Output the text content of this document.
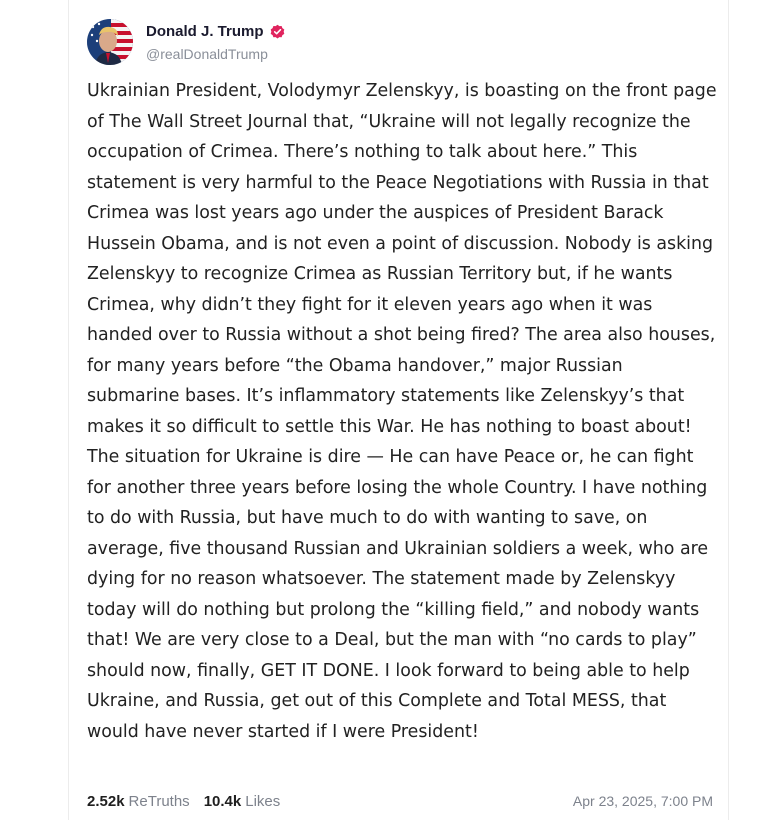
Donald J. Trump
@realDonaldTrump

Ukrainian President, Volodymyr Zelenskyy, is boasting on the front page of The Wall Street Journal that, “Ukraine will not legally recognize the occupation of Crimea. There’s nothing to talk about here.” This statement is very harmful to the Peace Negotiations with Russia in that Crimea was lost years ago under the auspices of President Barack Hussein Obama, and is not even a point of discussion. Nobody is asking Zelenskyy to recognize Crimea as Russian Territory but, if he wants Crimea, why didn’t they fight for it eleven years ago when it was handed over to Russia without a shot being fired? The area also houses, for many years before “the Obama handover,” major Russian submarine bases. It’s inflammatory statements like Zelenskyy’s that makes it so difficult to settle this War. He has nothing to boast about! The situation for Ukraine is dire — He can have Peace or, he can fight for another three years before losing the whole Country. I have nothing to do with Russia, but have much to do with wanting to save, on average, five thousand Russian and Ukrainian soldiers a week, who are dying for no reason whatsoever. The statement made by Zelenskyy today will do nothing but prolong the “killing field,” and nobody wants that! We are very close to a Deal, but the man with “no cards to play” should now, finally, GET IT DONE. I look forward to being able to help Ukraine, and Russia, get out of this Complete and Total MESS, that would have never started if I were President!

2.52k ReTruths 10.4k Likes	Apr 23, 2025, 7:00 PM
